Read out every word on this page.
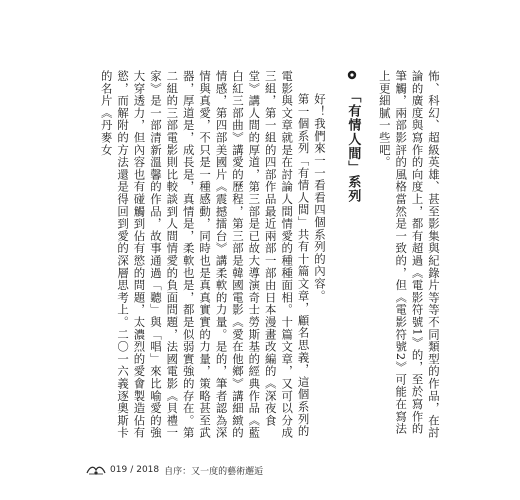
怖、科幻、超級英雄、甚至影集與紀錄片等等不同類型的作品，在討論的廣度與寫作的向度上，都有超過《電影符號1》的，至於寫作的筆觸，兩部影評的風格當然是一致的，但《電影符號2》可能在寫法上更細膩一些吧。

「有情人間」系列

好！我們來一一看看四個系列的內容。

第一個系列「有情人間」共有十篇文章，顧名思義，這個系列的電影與文章就是在討論人間情愛的種種面相。十篇文章，又可以分成三組，第一組的四部作品最近兩部一部由日本漫畫改編的《深夜食堂》講人間的厚道，第三部是已故大導演奇士勞斯基的經典作品《藍白紅三部曲》講愛的歷程，第三部是韓國電影《愛在他鄉》講細緻的情感，第四部美國片《震撼擂台》講柔軟的力量。是的，筆者認為深情與真愛，不只是一種感動，同時也是真真實實的力量，策略甚至武器，厚道是，成長是，真情是，柔軟也是，都是似弱實強的存在。第二組的三部電影則比較談到人間情愛的負面問題，法國電影《貝禮一家》是一部清新溫馨的作品，故事通過「聽」與「唱」來比喻愛的強大穿透力，但內容也有碰觸到佔有慾的問題，太濃烈的愛會製造佔有慾，而解附的方法還是得回到愛的深層思考上。二〇一六義逐奧斯卡的名片《丹麥女

019 / 2018 自序：又一度的藝術邂逅
